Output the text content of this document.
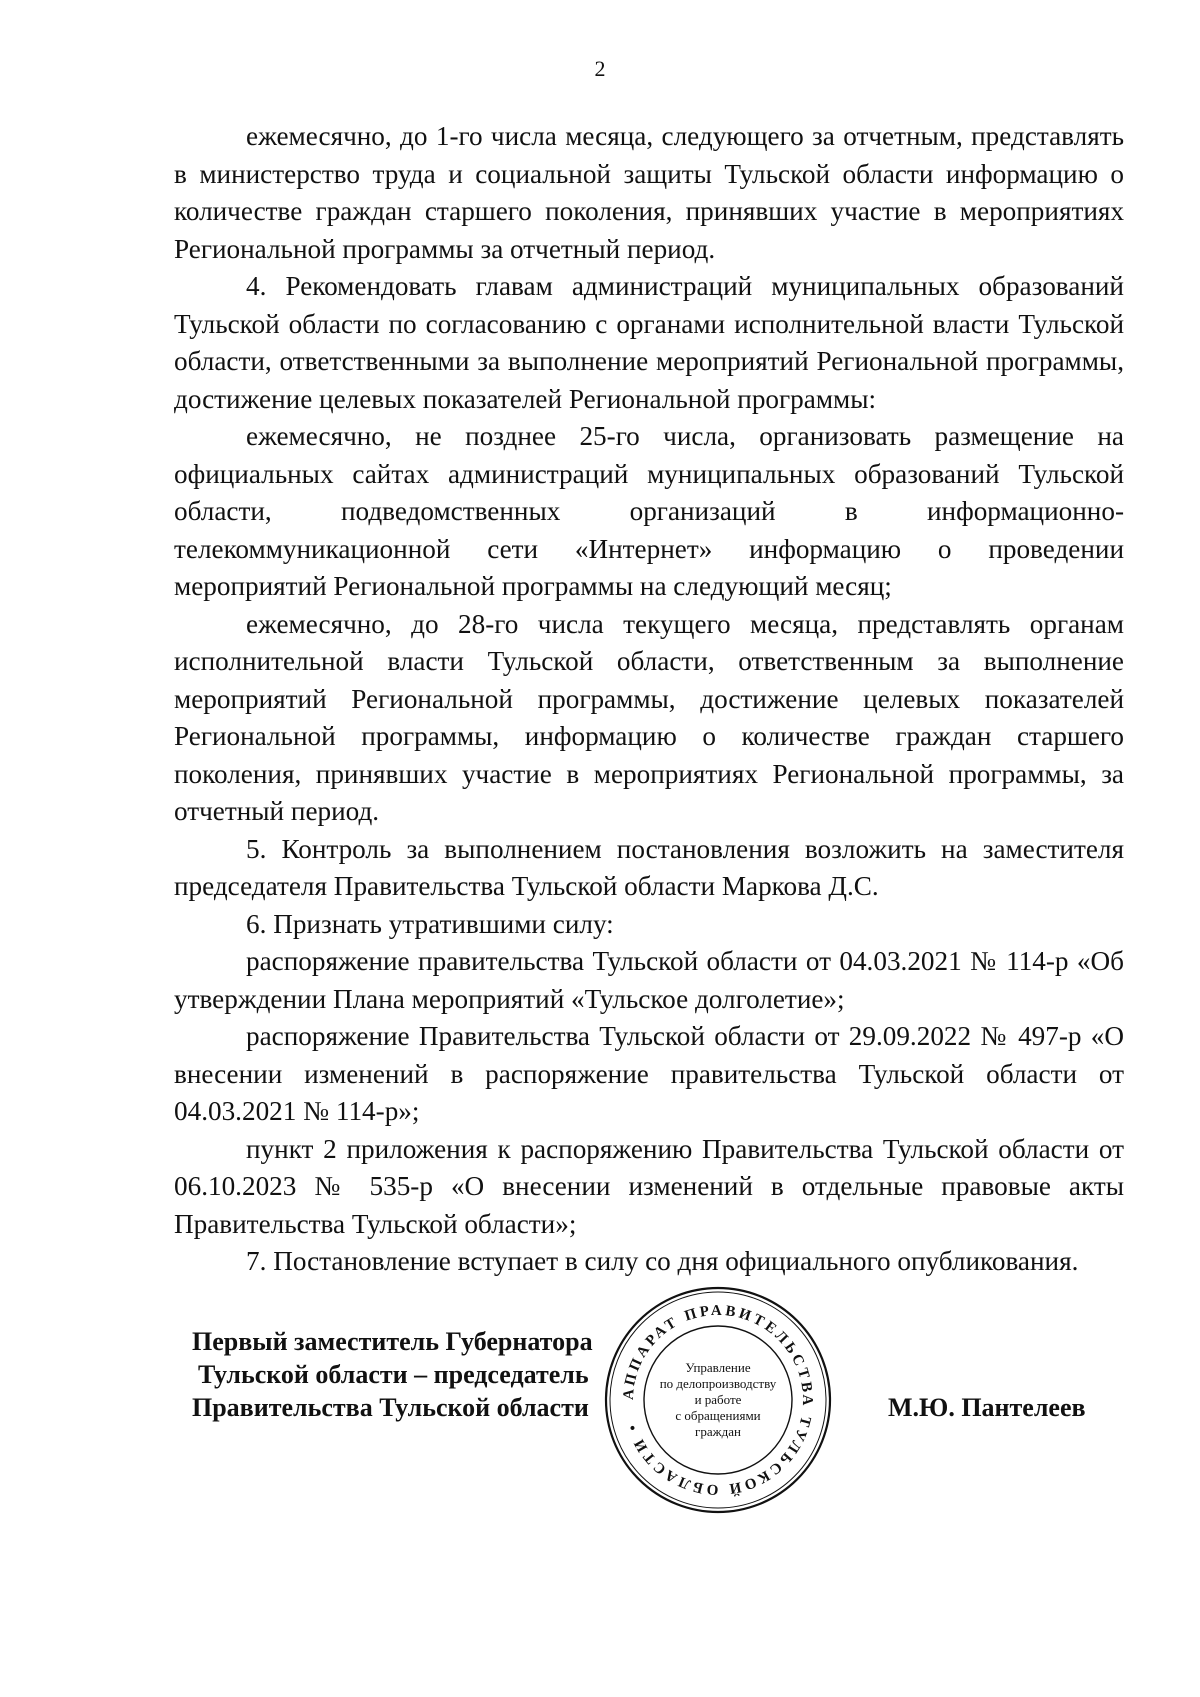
2

ежемесячно, до 1-го числа месяца, следующего за отчетным, представлять в министерство труда и социальной защиты Тульской области информацию о количестве граждан старшего поколения, принявших участие в мероприятиях Региональной программы за отчетный период.

4. Рекомендовать главам администраций муниципальных образований Тульской области по согласованию с органами исполнительной власти Тульской области, ответственными за выполнение мероприятий Региональной программы, достижение целевых показателей Региональной программы:

ежемесячно, не позднее 25-го числа, организовать размещение на официальных сайтах администраций муниципальных образований Тульской области, подведомственных организаций в информационно-телекоммуникационной сети «Интернет» информацию о проведении мероприятий Региональной программы на следующий месяц;

ежемесячно, до 28-го числа текущего месяца, представлять органам исполнительной власти Тульской области, ответственным за выполнение мероприятий Региональной программы, достижение целевых показателей Региональной программы, информацию о количестве граждан старшего поколения, принявших участие в мероприятиях Региональной программы, за отчетный период.

5. Контроль за выполнением постановления возложить на заместителя председателя Правительства Тульской области Маркова Д.С.

6. Признать утратившими силу:

распоряжение правительства Тульской области от 04.03.2021 № 114-р «Об утверждении Плана мероприятий «Тульское долголетие»;

распоряжение Правительства Тульской области от 29.09.2022 № 497-р «О внесении изменений в распоряжение правительства Тульской области от 04.03.2021 № 114-р»;

пункт 2 приложения к распоряжению Правительства Тульской области от 06.10.2023 № 535-р «О внесении изменений в отдельные правовые акты Правительства Тульской области»;

7. Постановление вступает в силу со дня официального опубликования.

Первый заместитель Губернатора
Тульской области – председатель
Правительства Тульской области	М.Ю. Пантелеев
АППАРАТ ПРАВИТЕЛЬСТВА ТУЛЬСКОЙ ОБЛАСТИ •
Управление
по делопроизводству
и работе
с обращениями
граждан
